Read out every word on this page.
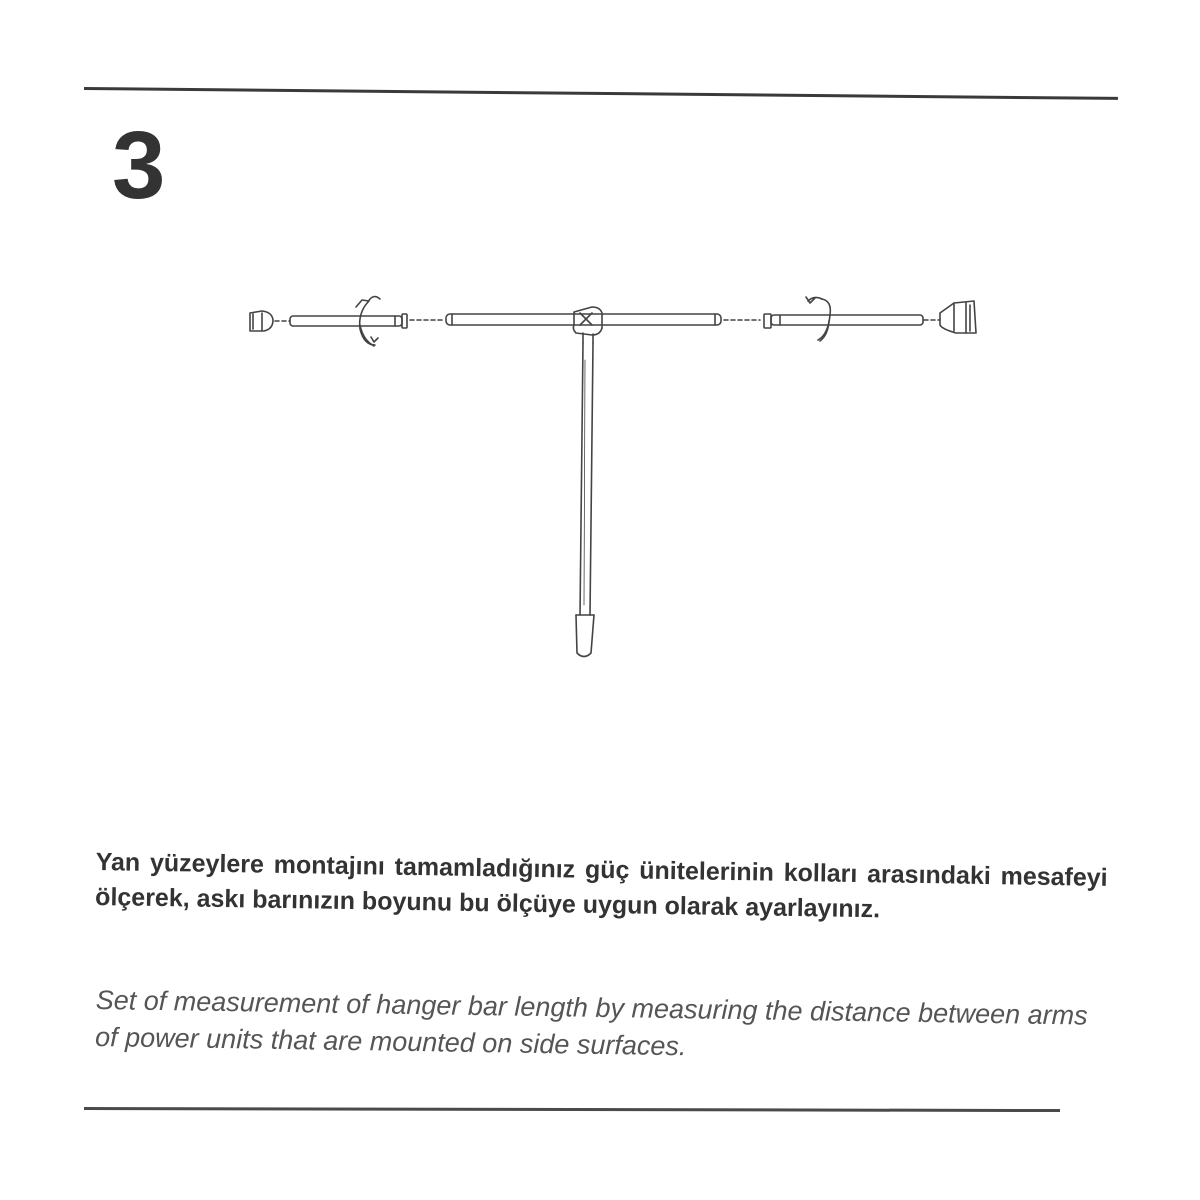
3

Yan yüzeylere montajını tamamladığınız güç ünitelerinin kolları arasındaki mesafeyi ölçerek, askı barınızın boyunu bu ölçüye uygun olarak ayarlayınız.

Set of measurement of hanger bar length by measuring the distance between arms of power units that are mounted on side surfaces.
